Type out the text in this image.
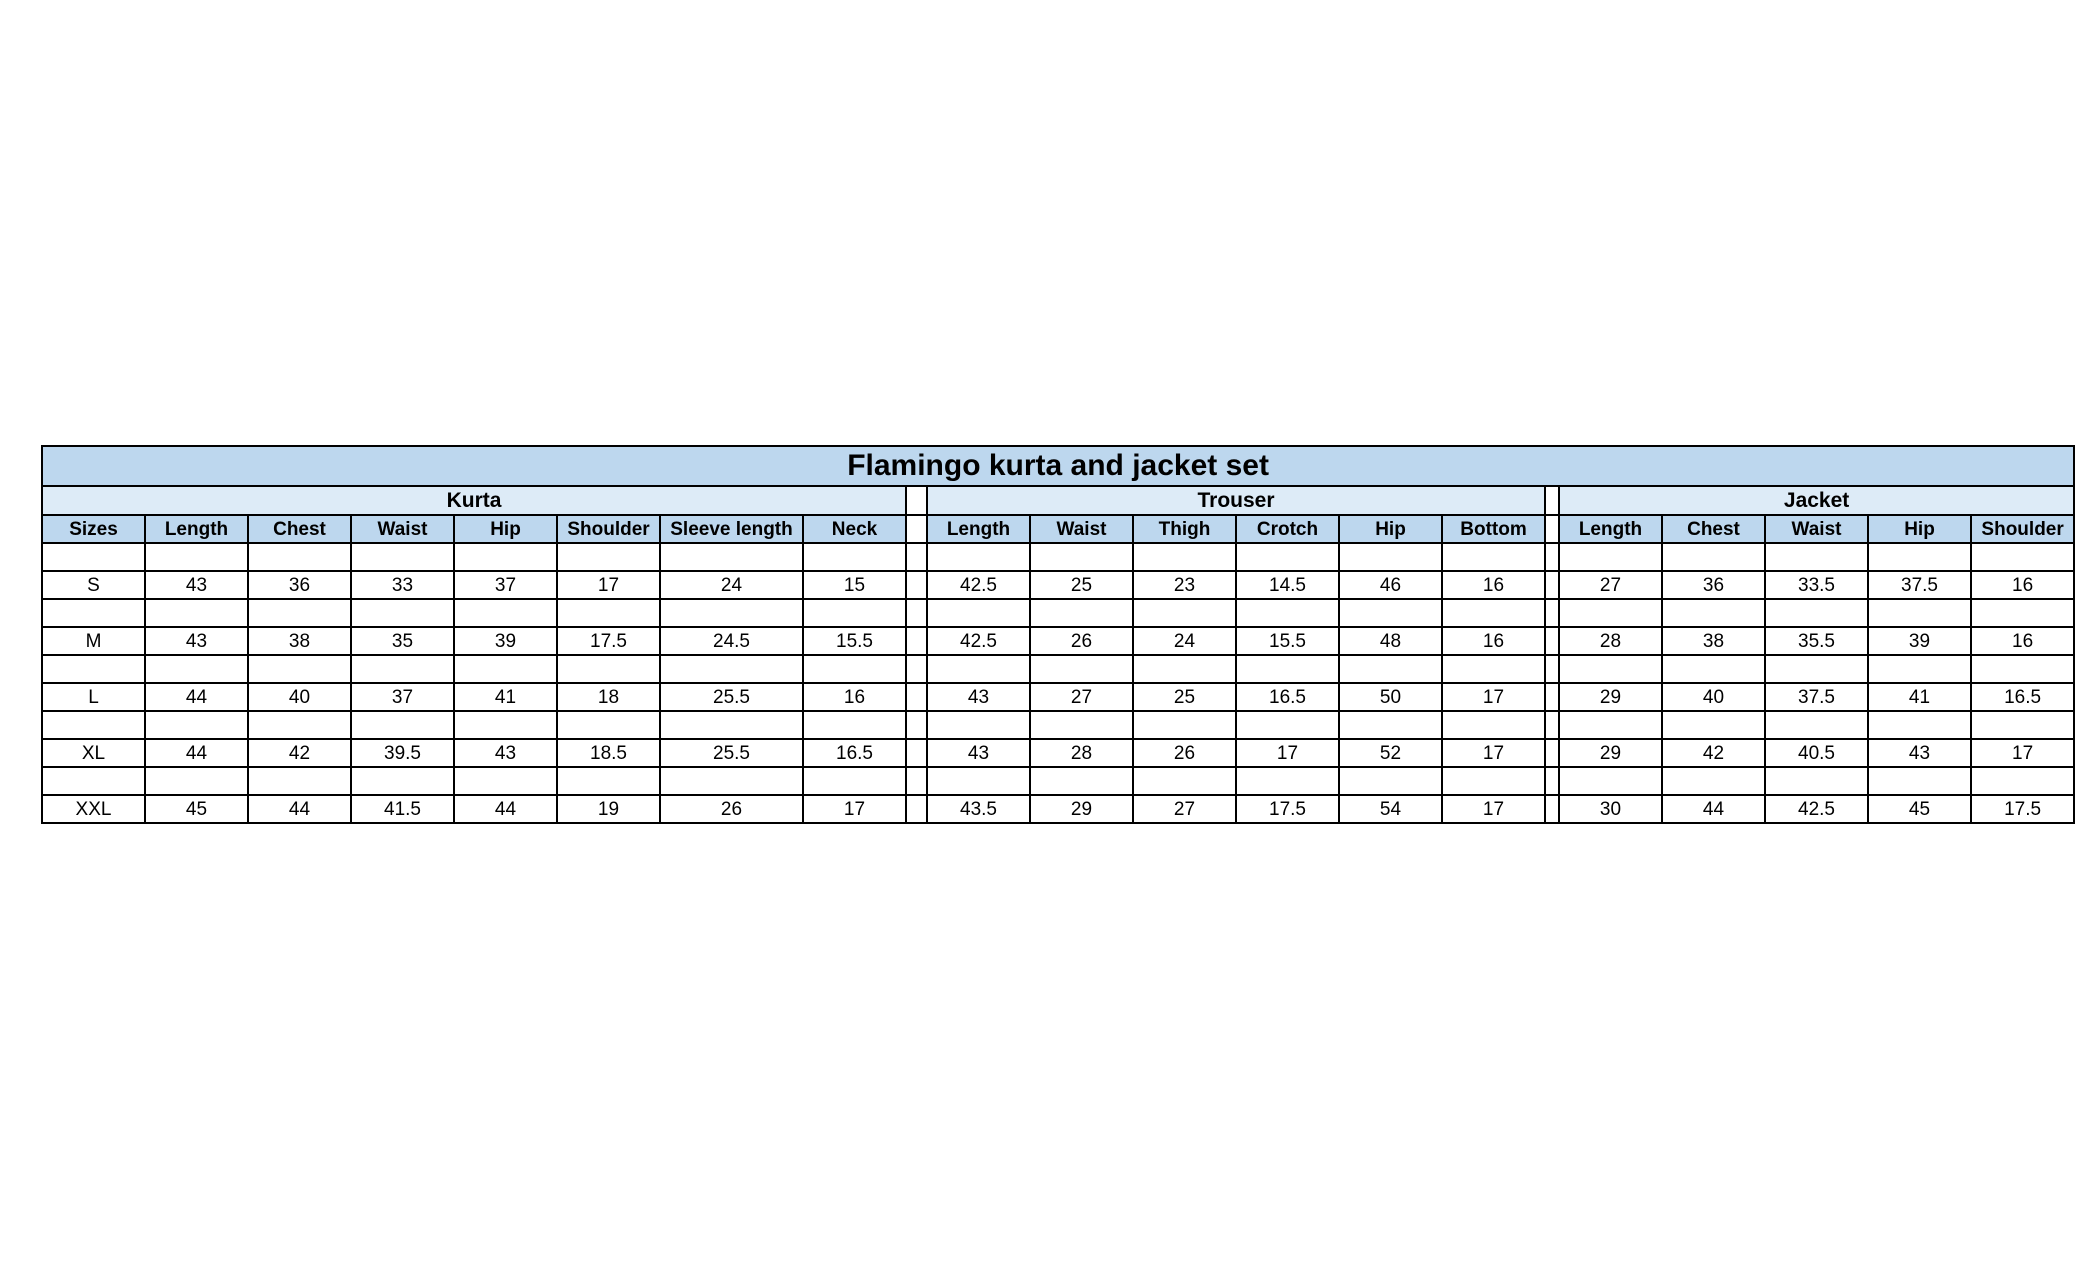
Flamingo kurta and jacket set																				
Kurta									Trouser							Jacket				
Sizes	Length	Chest	Waist	Hip	Shoulder	Sleeve length	Neck		Length	Waist	Thigh	Crotch	Hip	Bottom		Length	Chest	Waist	Hip	Shoulder

S	43	36	33	37	17	24	15		42.5	25	23	14.5	46	16		27	36	33.5	37.5	16

M	43	38	35	39	17.5	24.5	15.5		42.5	26	24	15.5	48	16		28	38	35.5	39	16

L	44	40	37	41	18	25.5	16		43	27	25	16.5	50	17		29	40	37.5	41	16.5

XL	44	42	39.5	43	18.5	25.5	16.5		43	28	26	17	52	17		29	42	40.5	43	17

XXL	45	44	41.5	44	19	26	17		43.5	29	27	17.5	54	17		30	44	42.5	45	17.5
